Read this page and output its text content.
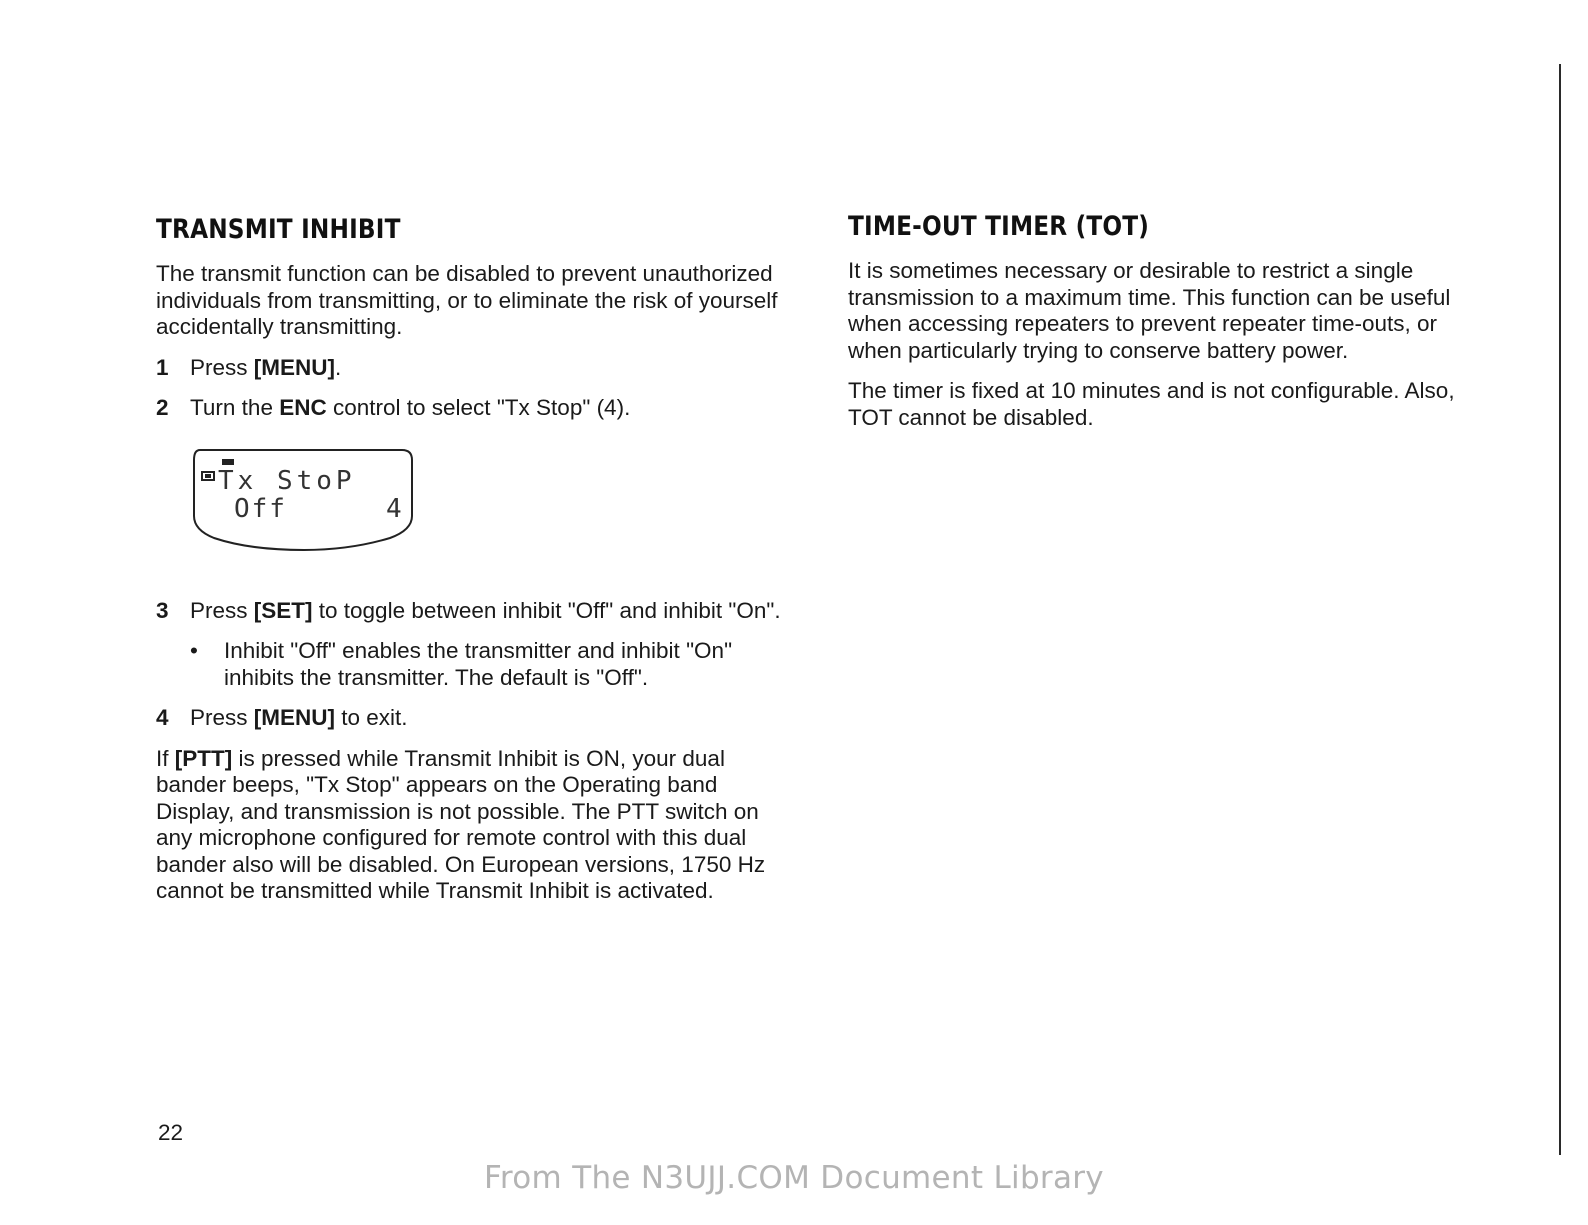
TRANSMIT INHIBIT

The transmit function can be disabled to prevent unauthorized individuals from transmitting, or to eliminate the risk of yourself accidentally transmitting.

1 Press [MENU].
2 Turn the ENC control to select "Tx Stop" (4).
Tx StoP
Off	4
3 Press [SET] to toggle between inhibit "Off" and inhibit "On".
•	Inhibit "Off" enables the transmitter and inhibit "On" inhibits the transmitter. The default is "Off".
4 Press [MENU] to exit.

If [PTT] is pressed while Transmit Inhibit is ON, your dual bander beeps, "Tx Stop" appears on the Operating band Display, and transmission is not possible. The PTT switch on any microphone configured for remote control with this dual bander also will be disabled. On European versions, 1750 Hz cannot be transmitted while Transmit Inhibit is activated.

TIME-OUT TIMER (TOT)

It is sometimes necessary or desirable to restrict a single transmission to a maximum time. This function can be useful when accessing repeaters to prevent repeater time-outs, or when particularly trying to conserve battery power.

The timer is fixed at 10 minutes and is not configurable. Also, TOT cannot be disabled.

22
From The N3UJJ.COM Document Library
